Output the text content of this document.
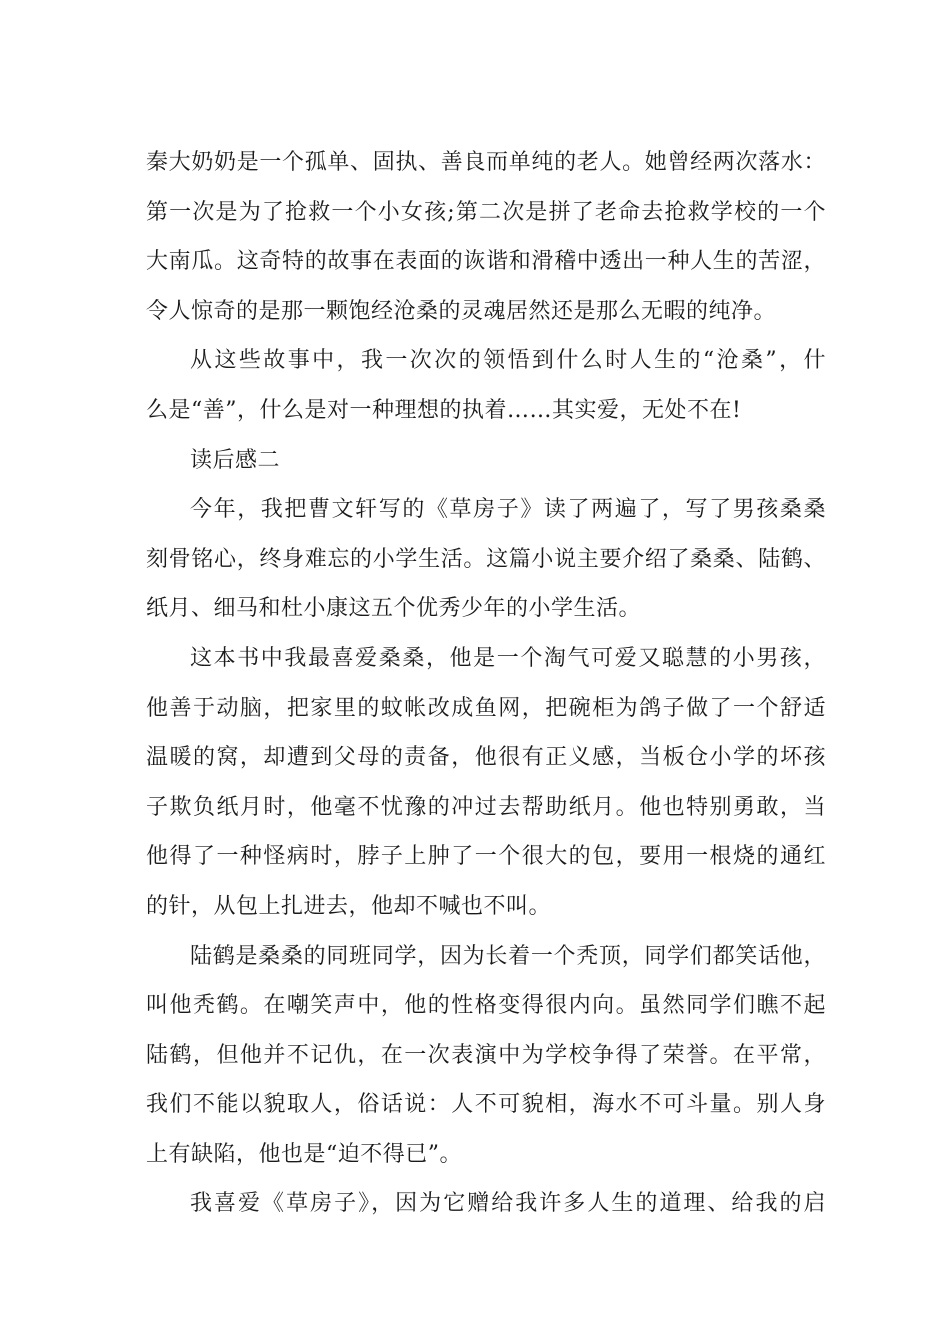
秦大奶奶是一个孤单、固执、善良而单纯的老人。她曾经两次落水：
第一次是为了抢救一个小女孩;第二次是拼了老命去抢救学校的一个
大南瓜。这奇特的故事在表面的诙谐和滑稽中透出一种人生的苦涩，
令人惊奇的是那一颗饱经沧桑的灵魂居然还是那么无暇的纯净。
从这些故事中，我一次次的领悟到什么时人生的“沧桑”，什
么是“善”，什么是对一种理想的执着……其实爱，无处不在!
读后感二
今年，我把曹文轩写的《草房子》读了两遍了，写了男孩桑桑
刻骨铭心，终身难忘的小学生活。这篇小说主要介绍了桑桑、陆鹤、
纸月、细马和杜小康这五个优秀少年的小学生活。
这本书中我最喜爱桑桑，他是一个淘气可爱又聪慧的小男孩，
他善于动脑，把家里的蚊帐改成鱼网，把碗柜为鸽子做了一个舒适
温暖的窝，却遭到父母的责备，他很有正义感，当板仓小学的坏孩
子欺负纸月时，他毫不忧豫的冲过去帮助纸月。他也特别勇敢，当
他得了一种怪病时，脖子上肿了一个很大的包，要用一根烧的通红
的针，从包上扎进去，他却不喊也不叫。
陆鹤是桑桑的同班同学，因为长着一个秃顶，同学们都笑话他，
叫他秃鹤。在嘲笑声中，他的性格变得很内向。虽然同学们瞧不起
陆鹤，但他并不记仇，在一次表演中为学校争得了荣誉。在平常，
我们不能以貌取人，俗话说：人不可貌相，海水不可斗量。别人身
上有缺陷，他也是“迫不得已”。
我喜爱《草房子》，因为它赠给我许多人生的道理、给我的启
